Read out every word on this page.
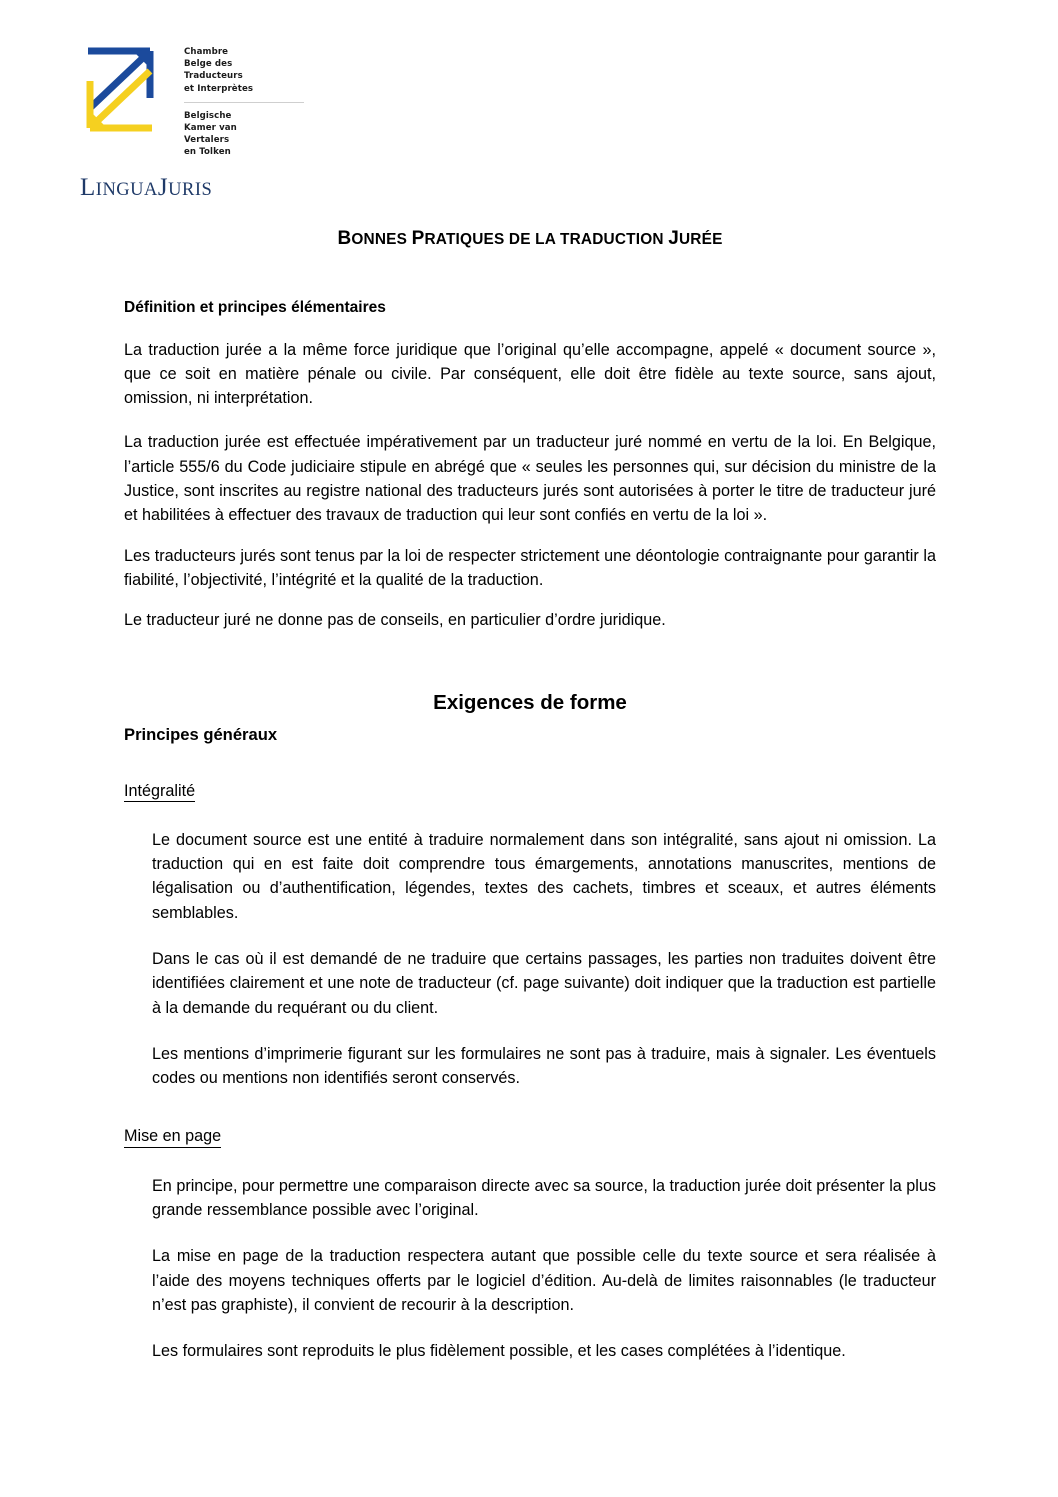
Chambre
Belge des
Traducteurs
et Interprètes
Belgische
Kamer van
Vertalers
en Tolken
LINGUAJURIS
BONNES PRATIQUES DE LA TRADUCTION JURÉE
Définition et principes élémentaires

La traduction jurée a la même force juridique que l’original qu’elle accompagne, appelé « document source », que ce soit en matière pénale ou civile. Par conséquent, elle doit être fidèle au texte source, sans ajout, omission, ni interprétation.

La traduction jurée est effectuée impérativement par un traducteur juré nommé en vertu de la loi. En Belgique, l’article 555/6 du Code judiciaire stipule en abrégé que « seules les personnes qui, sur décision du ministre de la Justice, sont inscrites au registre national des traducteurs jurés sont autorisées à porter le titre de traducteur juré et habilitées à effectuer des travaux de traduction qui leur sont confiés en vertu de la loi ».

Les traducteurs jurés sont tenus par la loi de respecter strictement une déontologie contraignante pour garantir la fiabilité, l’objectivité, l’intégrité et la qualité de la traduction.

Le traducteur juré ne donne pas de conseils, en particulier d’ordre juridique.

Exigences de forme
Principes généraux
Intégralité

Le document source est une entité à traduire normalement dans son intégralité, sans ajout ni omission. La traduction qui en est faite doit comprendre tous émargements, annotations manuscrites, mentions de légalisation ou d’authentification, légendes, textes des cachets, timbres et sceaux, et autres éléments semblables.

Dans le cas où il est demandé de ne traduire que certains passages, les parties non traduites doivent être identifiées clairement et une note de traducteur (cf. page suivante) doit indiquer que la traduction est partielle à la demande du requérant ou du client.

Les mentions d’imprimerie figurant sur les formulaires ne sont pas à traduire, mais à signaler. Les éventuels codes ou mentions non identifiés seront conservés.

Mise en page

En principe, pour permettre une comparaison directe avec sa source, la traduction jurée doit présenter la plus grande ressemblance possible avec l’original.

La mise en page de la traduction respectera autant que possible celle du texte source et sera réalisée à l’aide des moyens techniques offerts par le logiciel d’édition. Au-delà de limites raisonnables (le traducteur n’est pas graphiste), il convient de recourir à la description.

Les formulaires sont reproduits le plus fidèlement possible, et les cases complétées à l’identique.
